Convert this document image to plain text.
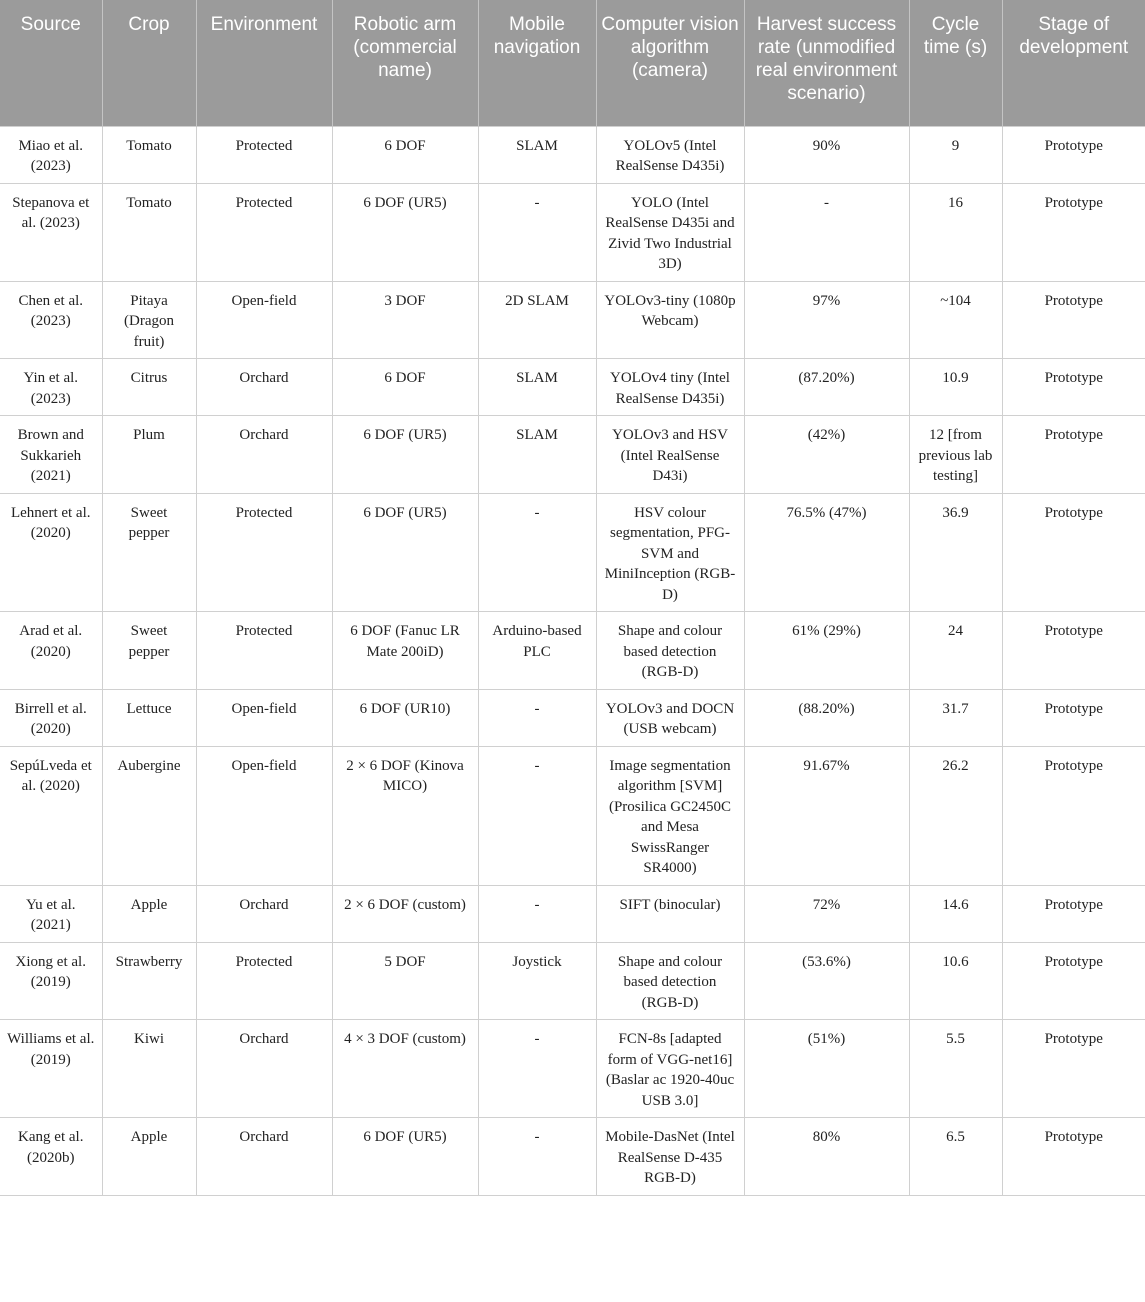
Source	Crop	Environment	Robotic arm (commercial name)	Mobile navigation	Computer vision algorithm (camera)	Harvest success rate (unmodified real environment scenario)	Cycle time (s)	Stage of development
Miao et al. (2023)	Tomato	Protected	6 DOF	SLAM	YOLOv5 (Intel RealSense D435i)	90%	9	Prototype
Stepanova et al. (2023)	Tomato	Protected	6 DOF (UR5)	-	YOLO (Intel RealSense D435i and Zivid Two Industrial 3D)	-	16	Prototype
Chen et al. (2023)	Pitaya (Dragon fruit)	Open-field	3 DOF	2D SLAM	YOLOv3-tiny (1080p Webcam)	97%	~104	Prototype
Yin et al. (2023)	Citrus	Orchard	6 DOF	SLAM	YOLOv4 tiny (Intel RealSense D435i)	(87.20%)	10.9	Prototype
Brown and Sukkarieh (2021)	Plum	Orchard	6 DOF (UR5)	SLAM	YOLOv3 and HSV (Intel RealSense D43i)	(42%)	12 [from previous lab testing]	Prototype
Lehnert et al. (2020)	Sweet pepper	Protected	6 DOF (UR5)	-	HSV colour segmentation, PFG-SVM and MiniInception (RGB-D)	76.5% (47%)	36.9	Prototype
Arad et al. (2020)	Sweet pepper	Protected	6 DOF (Fanuc LR Mate 200iD)	Arduino-based PLC	Shape and colour based detection (RGB-D)	61% (29%)	24	Prototype
Birrell et al. (2020)	Lettuce	Open-field	6 DOF (UR10)	-	YOLOv3 and DOCN (USB webcam)	(88.20%)	31.7	Prototype
SepúLveda et al. (2020)	Aubergine	Open-field	2 × 6 DOF (Kinova MICO)	-	Image segmentation algorithm [SVM] (Prosilica GC2450C and Mesa SwissRanger SR4000)	91.67%	26.2	Prototype
Yu et al. (2021)	Apple	Orchard	2 × 6 DOF (custom)	-	SIFT (binocular)	72%	14.6	Prototype
Xiong et al. (2019)	Strawberry	Protected	5 DOF	Joystick	Shape and colour based detection (RGB-D)	(53.6%)	10.6	Prototype
Williams et al. (2019)	Kiwi	Orchard	4 × 3 DOF (custom)	-	FCN-8s [adapted form of VGG-net16] (Baslar ac 1920-40uc USB 3.0]	(51%)	5.5	Prototype
Kang et al. (2020b)	Apple	Orchard	6 DOF (UR5)	-	Mobile-DasNet (Intel RealSense D-435 RGB-D)	80%	6.5	Prototype
